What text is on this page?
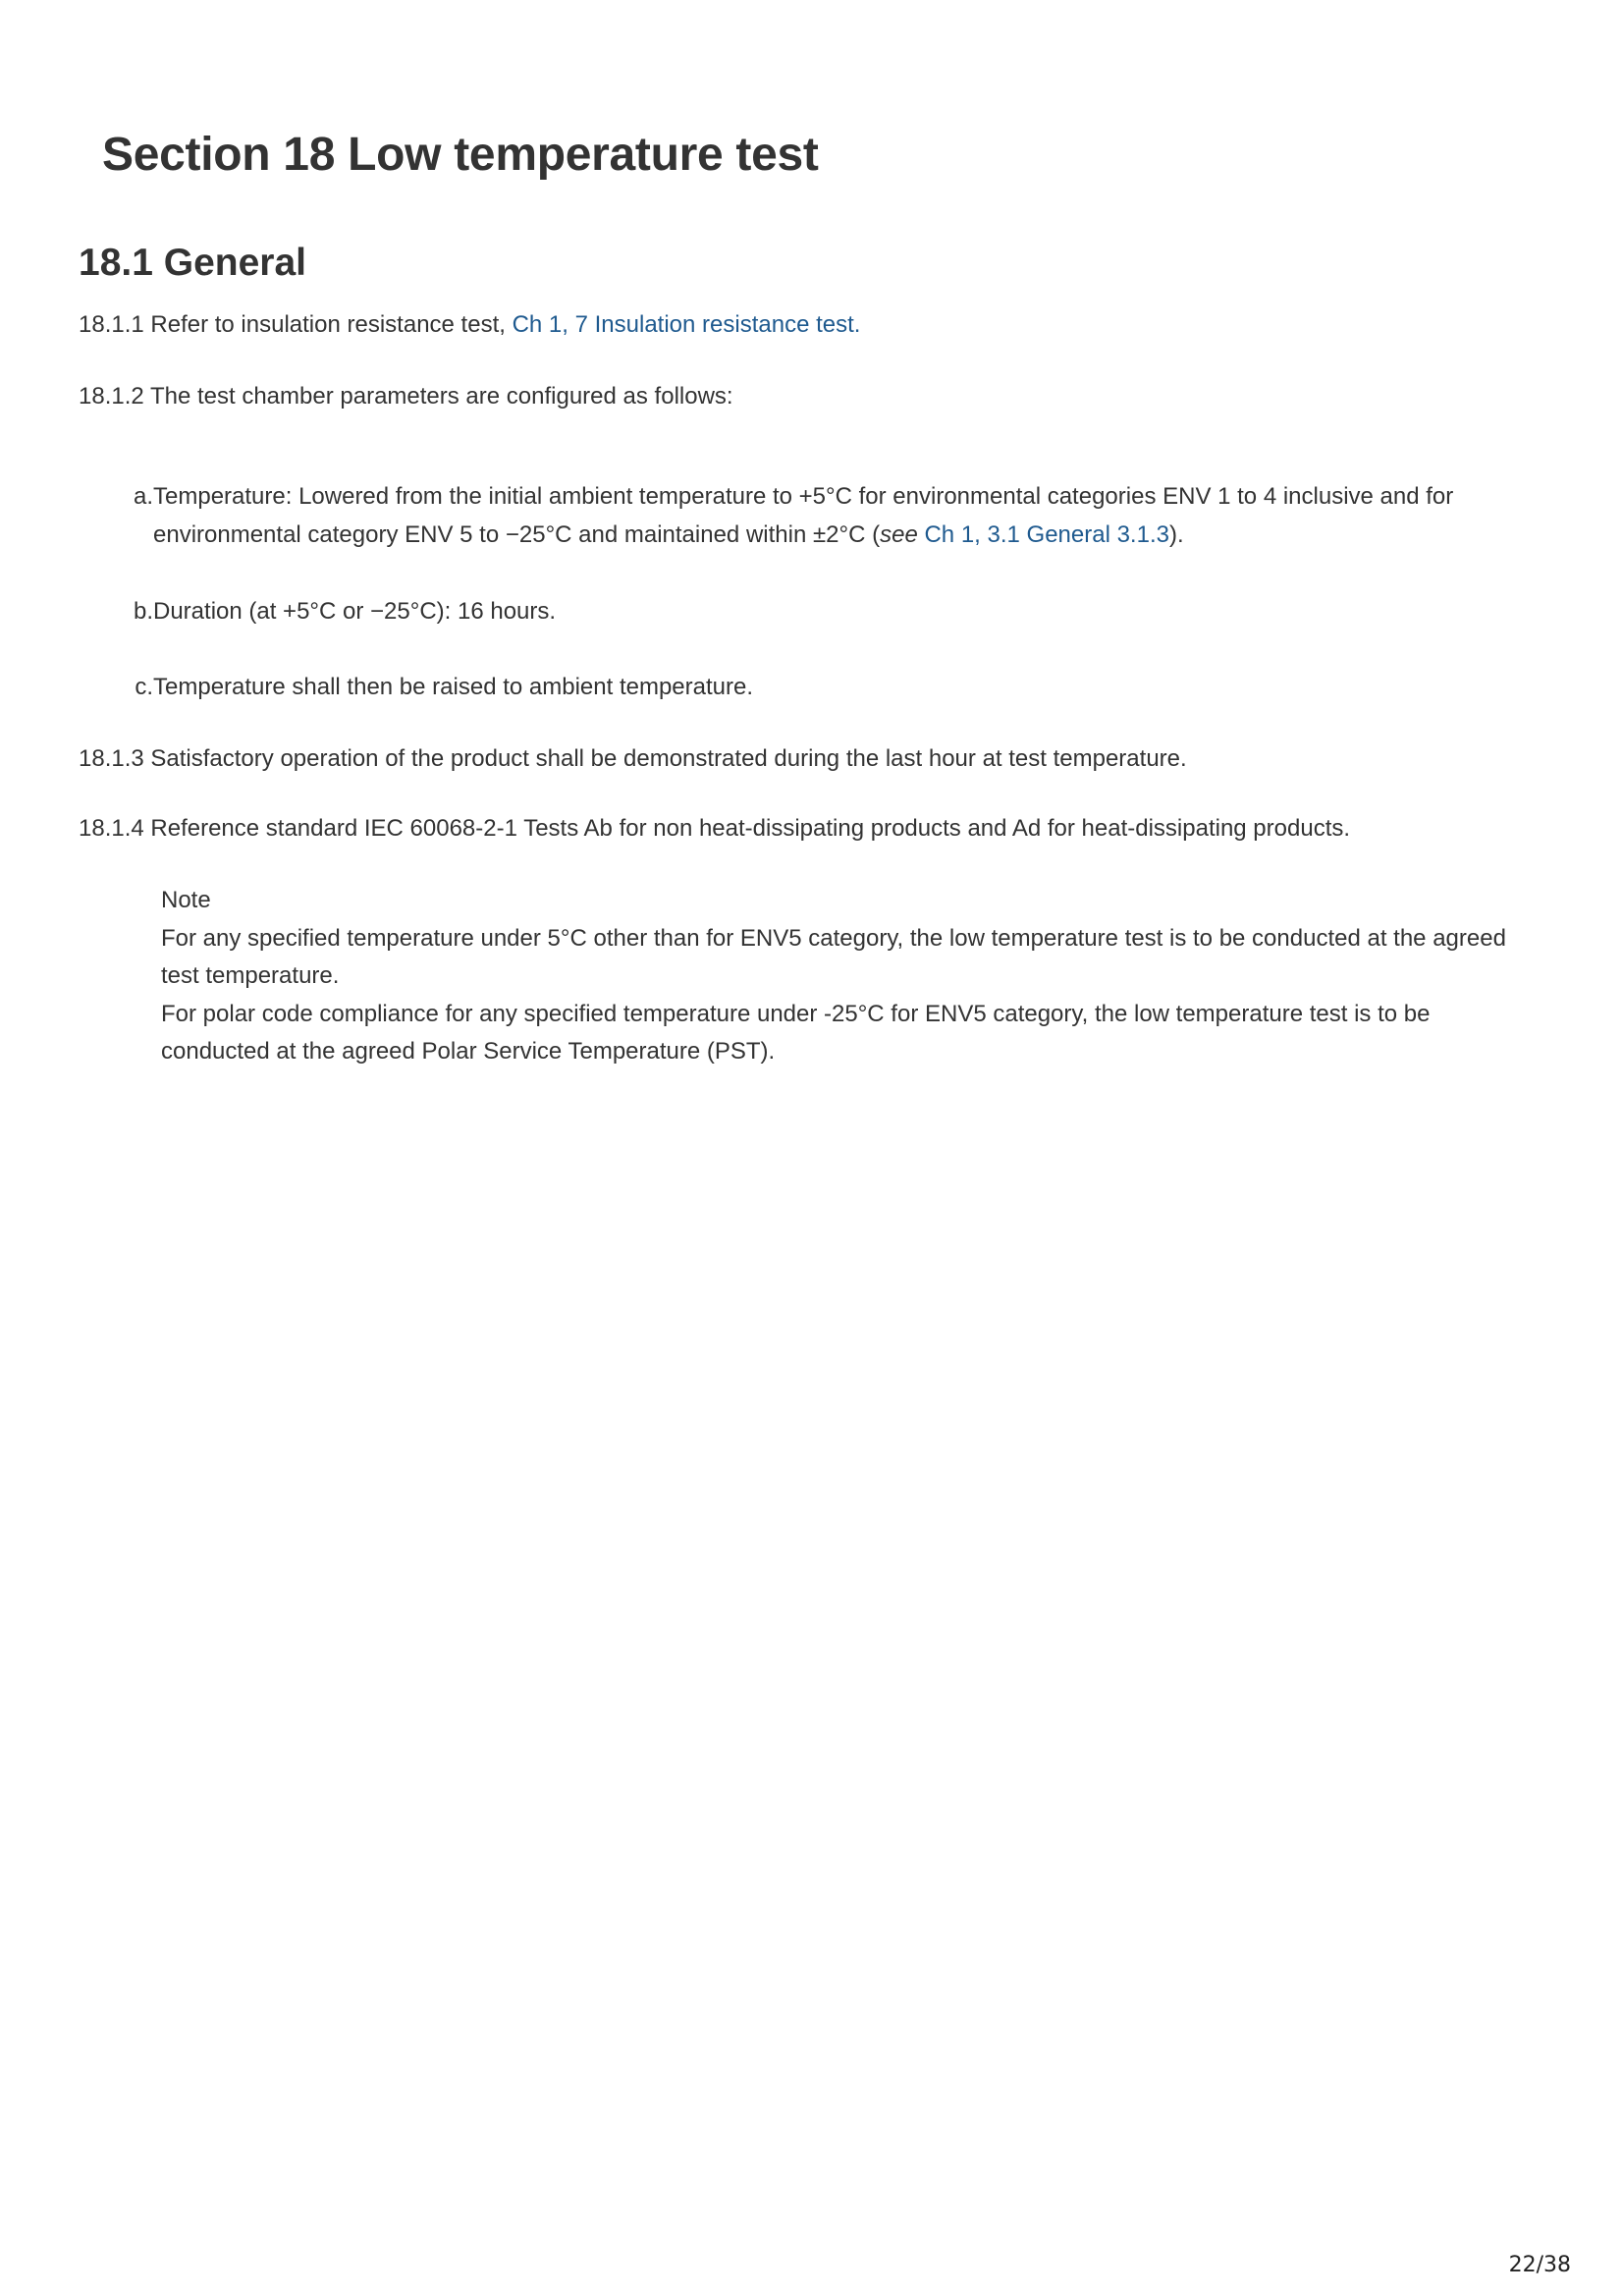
Section 18 Low temperature test
18.1 General

18.1.1 Refer to insulation resistance test, Ch 1, 7 Insulation resistance test.

18.1.2 The test chamber parameters are configured as follows:

a.Temperature: Lowered from the initial ambient temperature to +5°C for environmental categories ENV 1 to 4 inclusive and for
environmental category ENV 5 to −25°C and maintained within ±2°C (see Ch 1, 3.1 General 3.1.3).
b.Duration (at +5°C or −25°C): 16 hours.
c.Temperature shall then be raised to ambient temperature.

18.1.3 Satisfactory operation of the product shall be demonstrated during the last hour at test temperature.

18.1.4 Reference standard IEC 60068-2-1 Tests Ab for non heat-dissipating products and Ad for heat-dissipating products.

Note

For any specified temperature under 5°C other than for ENV5 category, the low temperature test is to be conducted at the agreed test temperature.

For polar code compliance for any specified temperature under -25°C for ENV5 category, the low temperature test is to be conducted at the agreed Polar Service Temperature (PST).

22/38
